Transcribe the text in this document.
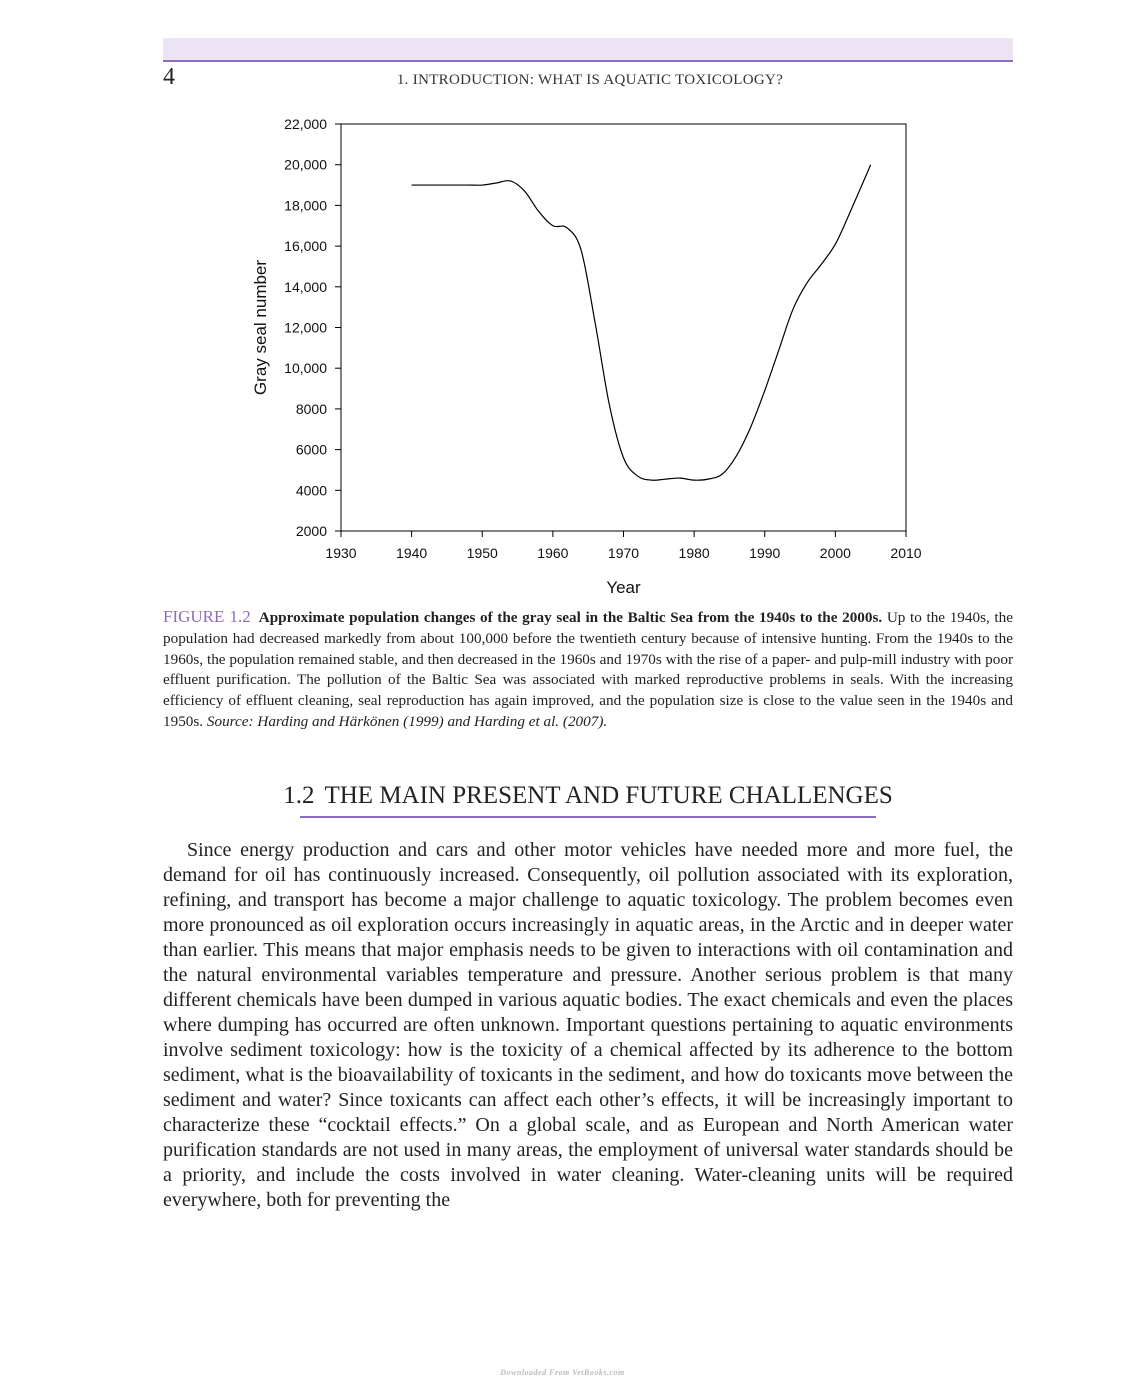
4	1. INTRODUCTION: WHAT IS AQUATIC TOXICOLOGY?
1930	1940	1950	1960	1970	1980	1990	2000	2010
2000
4000
6000
8000
10,000
12,000
14,000
16,000
18,000
20,000
22,000
Year
Gray seal number
FIGURE 1.2 Approximate population changes of the gray seal in the Baltic Sea from the 1940s to the 2000s. Up to the 1940s, the population had decreased markedly from about 100,000 before the twentieth century because of intensive hunting. From the 1940s to the 1960s, the population remained stable, and then decreased in the 1960s and 1970s with the rise of a paper- and pulp-mill industry with poor effluent purification. The pollution of the Baltic Sea was associated with marked reproductive problems in seals. With the increasing efficiency of effluent cleaning, seal reproduction has again improved, and the population size is close to the value seen in the 1940s and 1950s. Source: Harding and Härkönen (1999) and Harding et al. (2007).
1.2 THE MAIN PRESENT AND FUTURE CHALLENGES

Since energy production and cars and other motor vehicles have needed more and more fuel, the demand for oil has continuously increased. Consequently, oil pollution associated with its exploration, refining, and transport has become a major challenge to aquatic toxicology. The problem becomes even more pronounced as oil exploration occurs increasingly in aquatic areas, in the Arctic and in deeper water than earlier. This means that major emphasis needs to be given to interactions with oil contamination and the natural environmental variables temperature and pressure. Another serious problem is that many different chemicals have been dumped in various aquatic bodies. The exact chemicals and even the places where dumping has occurred are often unknown. Important questions pertaining to aquatic environments involve sediment toxicology: how is the toxicity of a chemical affected by its adherence to the bottom sediment, what is the bioavailability of toxicants in the sediment, and how do toxicants move between the sediment and water? Since toxicants can affect each other’s effects, it will be increasingly important to characterize these “cocktail effects.” On a global scale, and as European and North American water purification standards are not used in many areas, the employment of universal water standards should be a priority, and include the costs involved in water cleaning. Water-cleaning units will be required everywhere, both for preventing the

Downloaded From VetBooks.com
